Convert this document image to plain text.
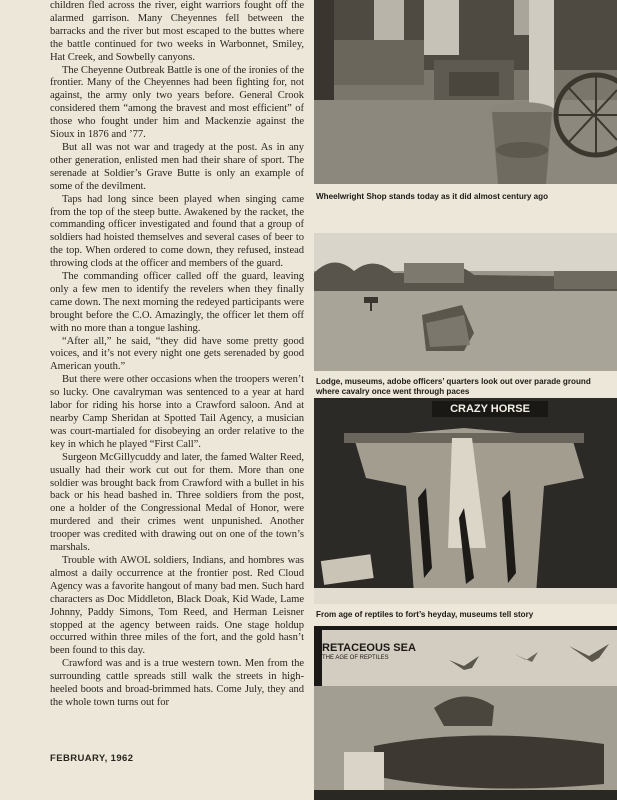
children fled across the river, eight warriors fought off the alarmed garrison. Many Cheyennes fell between the barracks and the river but most escaped to the buttes where the battle continued for two weeks in Warbonnet, Smiley, Hat Creek, and Sowbelly canyons.

The Cheyenne Outbreak Battle is one of the ironies of the frontier. Many of the Cheyennes had been fighting for, not against, the army only two years before. General Crook considered them “among the bravest and most efficient” of those who fought under him and Mackenzie against the Sioux in 1876 and ’77.

But all was not war and tragedy at the post. As in any other generation, enlisted men had their share of sport. The serenade at Soldier’s Grave Butte is only an example of some of the devilment.

Taps had long since been played when singing came from the top of the steep butte. Awakened by the racket, the commanding officer investigated and found that a group of soldiers had hoisted themselves and several cases of beer to the top. When ordered to come down, they refused, instead throwing clods at the officer and members of the guard.

The commanding officer called off the guard, leaving only a few men to identify the revelers when they finally came down. The next morning the redeyed participants were brought before the C.O. Amazingly, the officer let them off with no more than a tongue lashing.

“After all,” he said, “they did have some pretty good voices, and it’s not every night one gets serenaded by good American youth.”

But there were other occasions when the troopers weren’t so lucky. One cavalryman was sentenced to a year at hard labor for riding his horse into a Crawford saloon. And at nearby Camp Sheridan at Spotted Tail Agency, a musician was court-martialed for disobeying an order relative to the key in which he played “First Call”.

Surgeon McGillycuddy and later, the famed Walter Reed, usually had their work cut out for them. More than one soldier was brought back from Crawford with a bullet in his back or his head bashed in. Three soldiers from the post, one a holder of the Congressional Medal of Honor, were murdered and their crimes went unpunished. Another trooper was credited with drawing out on one of the town’s marshals.

Trouble with AWOL soldiers, Indians, and hombres was almost a daily occurrence at the frontier post. Red Cloud Agency was a favorite hangout of many bad men. Such hard characters as Doc Middleton, Black Doak, Kid Wade, Lame Johnny, Paddy Simons, Tom Reed, and Herman Leisner stopped at the agency between raids. One stage holdup occurred within three miles of the fort, and the gold hasn’t been found to this day.

Crawford was and is a true western town. Men from the surrounding cattle spreads still walk the streets in high-heeled boots and broad-brimmed hats. Come July, they and the whole town turns out for

FEBRUARY, 1962
Wheelwright Shop stands today as it did almost century ago
Lodge, museums, adobe officers’ quarters look out over parade ground where cavalry once went through paces
CRAZY HORSE
From age of reptiles to fort’s heyday, museums tell story
RETACEOUS SEA
THE AGE OF REPTILES
